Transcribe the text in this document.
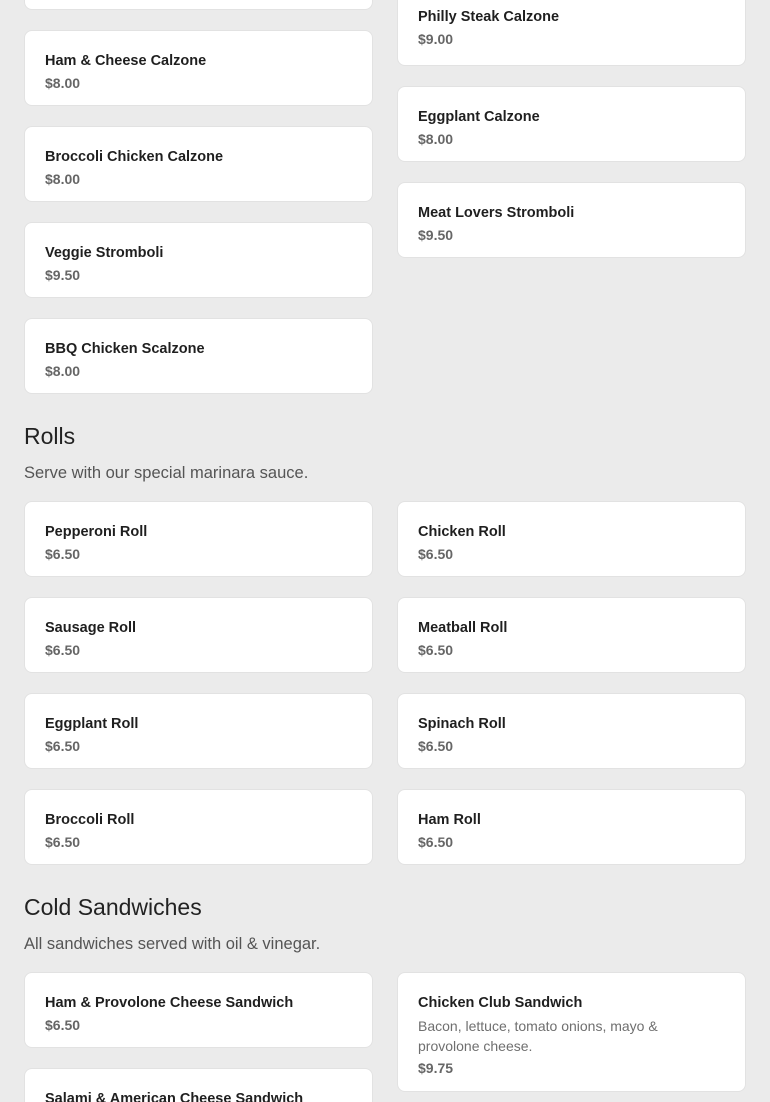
Philly Steak Calzone
$9.00
Ham & Cheese Calzone
$8.00
Eggplant Calzone
$8.00
Broccoli Chicken Calzone
$8.00
Meat Lovers Stromboli
$9.50
Veggie Stromboli
$9.50
BBQ Chicken Scalzone
$8.00
Rolls

Serve with our special marinara sauce.

Pepperoni Roll
$6.50
Chicken Roll
$6.50
Sausage Roll
$6.50
Meatball Roll
$6.50
Eggplant Roll
$6.50
Spinach Roll
$6.50
Broccoli Roll
$6.50
Ham Roll
$6.50
Cold Sandwiches

All sandwiches served with oil & vinegar.

Ham & Provolone Cheese Sandwich
$6.50
Chicken Club Sandwich
Bacon, lettuce, tomato onions, mayo & provolone cheese.
$9.75
Salami & American Cheese Sandwich
